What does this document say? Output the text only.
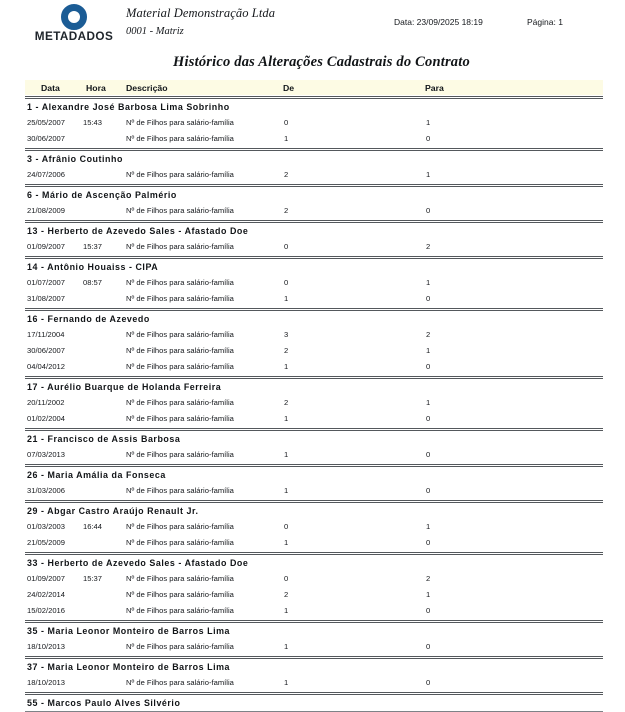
METADADOS
Material Demonstração Ltda
0001 - Matriz
Data: 23/09/2025 18:19	Página: 1
Histórico das Alterações Cadastrais do Contrato
Data	Hora Descrição	De	Para
1 - Alexandre José Barbosa Lima Sobrinho
25/05/2007 15:43	Nº de Filhos para salário-família	0	1
30/06/2007	Nº de Filhos para salário-família	1	0
3 - Afrânio Coutinho
24/07/2006	Nº de Filhos para salário-família	2	1
6 - Mário de Ascenção Palmério
21/08/2009	Nº de Filhos para salário-família	2	0
13 - Herberto de Azevedo Sales - Afastado Doe
01/09/2007 15:37	Nº de Filhos para salário-família	0	2
14 - Antônio Houaiss - CIPA
01/07/2007 08:57	Nº de Filhos para salário-família	0	1
31/08/2007	Nº de Filhos para salário-família	1	0
16 - Fernando de Azevedo
17/11/2004	Nº de Filhos para salário-família	3	2
30/06/2007	Nº de Filhos para salário-família	2	1
04/04/2012	Nº de Filhos para salário-família	1	0
17 - Aurélio Buarque de Holanda Ferreira
20/11/2002	Nº de Filhos para salário-família	2	1
01/02/2004	Nº de Filhos para salário-família	1	0
21 - Francisco de Assis Barbosa
07/03/2013	Nº de Filhos para salário-família	1	0
26 - Maria Amália da Fonseca
31/03/2006	Nº de Filhos para salário-família	1	0
29 - Abgar Castro Araújo Renault Jr.
01/03/2003 16:44	Nº de Filhos para salário-família	0	1
21/05/2009	Nº de Filhos para salário-família	1	0
33 - Herberto de Azevedo Sales - Afastado Doe
01/09/2007 15:37	Nº de Filhos para salário-família	0	2
24/02/2014	Nº de Filhos para salário-família	2	1
15/02/2016	Nº de Filhos para salário-família	1	0
35 - Maria Leonor Monteiro de Barros Lima
18/10/2013	Nº de Filhos para salário-família	1	0
37 - Maria Leonor Monteiro de Barros Lima
18/10/2013	Nº de Filhos para salário-família	1	0
55 - Marcos Paulo Alves Silvério
